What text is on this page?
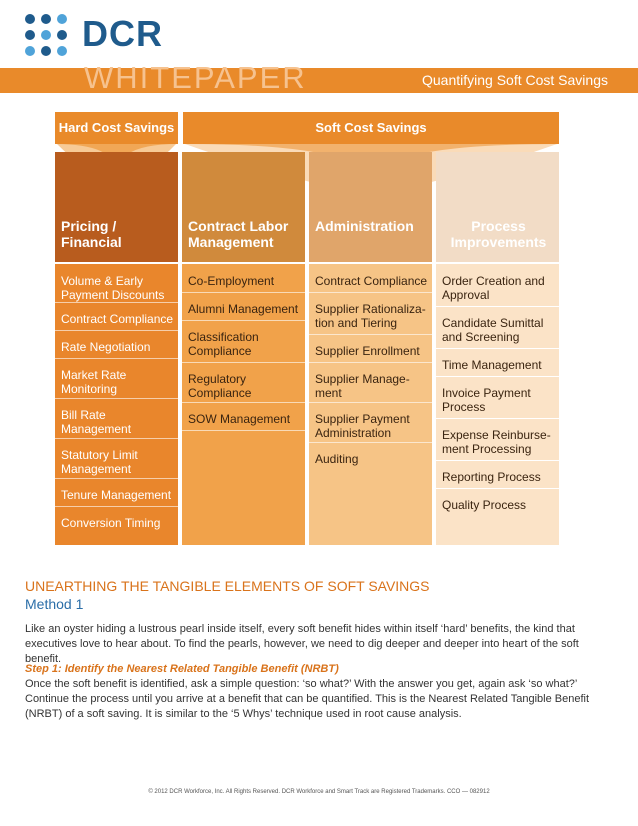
DCR
WHITEPAPER	Quantifying Soft Cost Savings
Hard Cost Savings	Soft Cost Savings
Pricing / Financial
Volume & Early Payment Discounts
Contract Compliance
Rate Negotiation
Market Rate Monitoring
Bill Rate Management
Statutory Limit Management
Tenure Management
Conversion Timing
Contract Labor Management
Co-Employment
Alumni Management
Classification Compliance
Regulatory Compliance
SOW Management
Administration
Contract Compliance
Supplier Rationaliza-tion and Tiering
Supplier Enrollment
Supplier Manage-ment
Supplier Payment Administration
Auditing
Process Improvements
Order Creation and Approval
Candidate Sumittal and Screening
Time Management
Invoice Payment Process
Expense Reinburse-ment Processing
Reporting Process
Quality Process
UNEARTHING THE TANGIBLE ELEMENTS OF SOFT SAVINGS
Method 1
Like an oyster hiding a lustrous pearl inside itself, every soft benefit hides within itself ‘hard’ benefits, the kind that executives love to hear about. To find the pearls, however, we need to dig deeper and deeper into heart of the soft benefit.
Step 1: Identify the Nearest Related Tangible Benefit (NRBT)
Once the soft benefit is identified, ask a simple question: ‘so what?’ With the answer you get, again ask ‘so what?’ Continue the process until you arrive at a benefit that can be quantified. This is the Nearest Related Tangible Benefit (NRBT) of a soft saving. It is similar to the ‘5 Whys’ technique used in root cause analysis.
© 2012 DCR Workforce, Inc. All Rights Reserved. DCR Workforce and Smart Track are Registered Trademarks. CCO — 082912
